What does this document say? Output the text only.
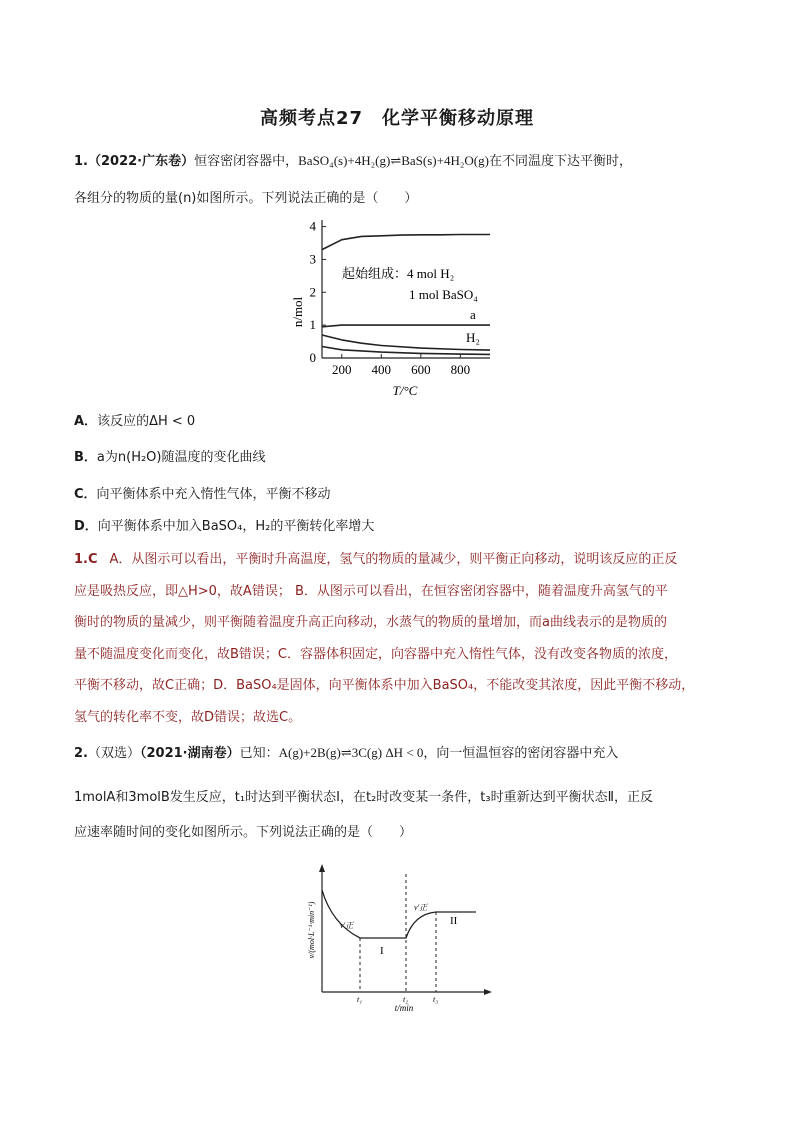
高频考点27　化学平衡移动原理
1.（2022·广东卷）恒容密闭容器中，BaSO₄(s)+4H₂(g)⇌BaS(s)+4H₂O(g)在不同温度下达平衡时，
各组分的物质的量(n)如图所示。下列说法正确的是（　　）
0
1
2
3
4
200 400 600 800
n/mol
T/°C
起始组成：4 mol H₂
1 mol BaSO₄
a
H₂
A．该反应的ΔH < 0
B．a为n(H₂O)随温度的变化曲线
C．向平衡体系中充入惰性气体，平衡不移动
D．向平衡体系中加入BaSO₄，H₂的平衡转化率增大
1.C A．从图示可以看出，平衡时升高温度，氢气的物质的量减少，则平衡正向移动，说明该反应的正反
应是吸热反应，即△H>0，故A错误； B．从图示可以看出，在恒容密闭容器中，随着温度升高氢气的平
衡时的物质的量减少，则平衡随着温度升高正向移动，水蒸气的物质的量增加，而a曲线表示的是物质的
量不随温度变化而变化，故B错误；C．容器体积固定，向容器中充入惰性气体，没有改变各物质的浓度，
平衡不移动，故C正确；D．BaSO₄是固体，向平衡体系中加入BaSO₄，不能改变其浓度，因此平衡不移动，
氢气的转化率不变，故D错误；故选C。
2.（双选）（2021·湖南卷）已知：A(g)+2B(g)⇌3C(g) ΔH < 0，向一恒温恒容的密闭容器中充入
1molA和3molB发生反应，t₁时达到平衡状态I，在t₂时改变某一条件，t₃时重新达到平衡状态Ⅱ，正反
应速率随时间的变化如图所示。下列说法正确的是（　　）
v′正
v′正
I
II
t₁	t₂	t₃
t/min
v/(mol·L⁻¹·min⁻¹)
